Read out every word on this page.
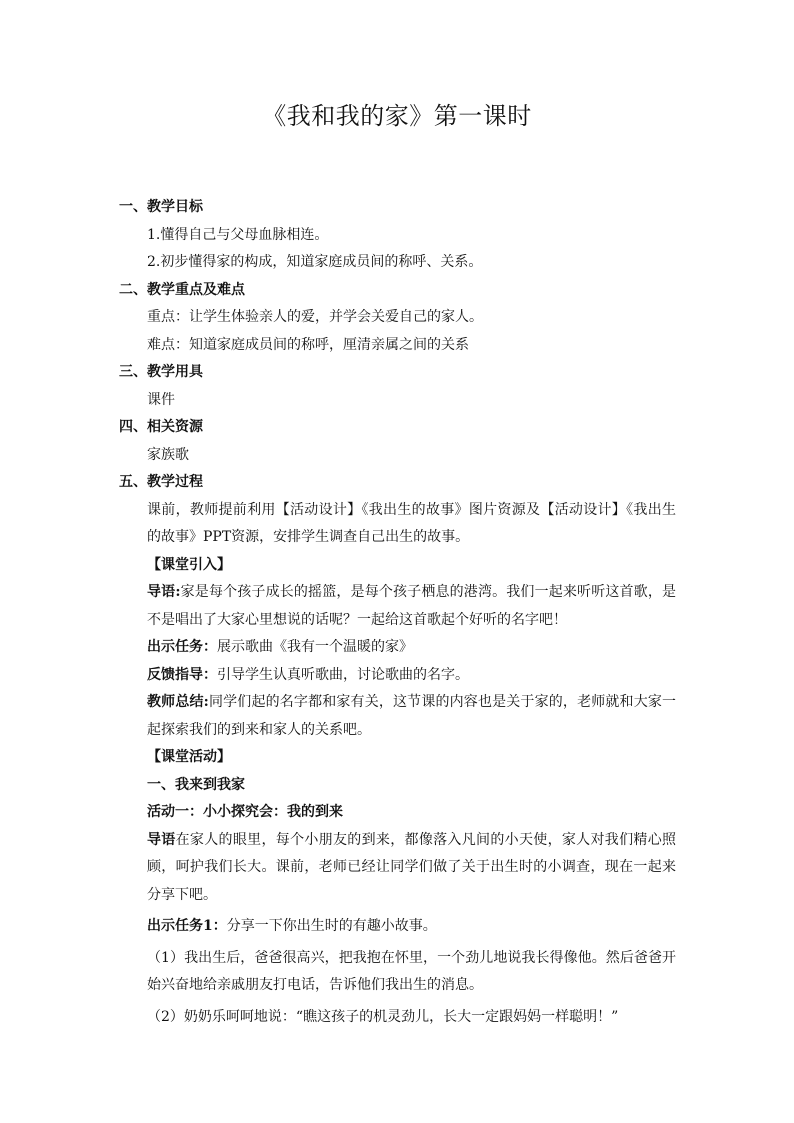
《我和我的家》第一课时
一、教学目标
1.懂得自己与父母血脉相连。
2.初步懂得家的构成，知道家庭成员间的称呼、关系。
二、教学重点及难点
重点：让学生体验亲人的爱，并学会关爱自己的家人。
难点：知道家庭成员间的称呼，厘清亲属之间的关系
三、教学用具
课件
四、相关资源
家族歌
五、教学过程
课前，教师提前利用【活动设计】《我出生的故事》图片资源及【活动设计】《我出生的故事》PPT资源，安排学生调查自己出生的故事。
【课堂引入】
导语:家是每个孩子成长的摇篮，是每个孩子栖息的港湾。我们一起来听听这首歌，是不是唱出了大家心里想说的话呢？一起给这首歌起个好听的名字吧！
出示任务：展示歌曲《我有一个温暖的家》
反馈指导：引导学生认真听歌曲，讨论歌曲的名字。
教师总结:同学们起的名字都和家有关，这节课的内容也是关于家的，老师就和大家一起探索我们的到来和家人的关系吧。
【课堂活动】
一、我来到我家
活动一：小小探究会：我的到来
导语在家人的眼里，每个小朋友的到来，都像落入凡间的小天使，家人对我们精心照顾，呵护我们长大。课前，老师已经让同学们做了关于出生时的小调查，现在一起来分享下吧。
出示任务1：分享一下你出生时的有趣小故事。
（1）我出生后，爸爸很高兴，把我抱在怀里，一个劲儿地说我长得像他。然后爸爸开始兴奋地给亲戚朋友打电话，告诉他们我出生的消息。
（2）奶奶乐呵呵地说：“瞧这孩子的机灵劲儿，长大一定跟妈妈一样聪明！”
